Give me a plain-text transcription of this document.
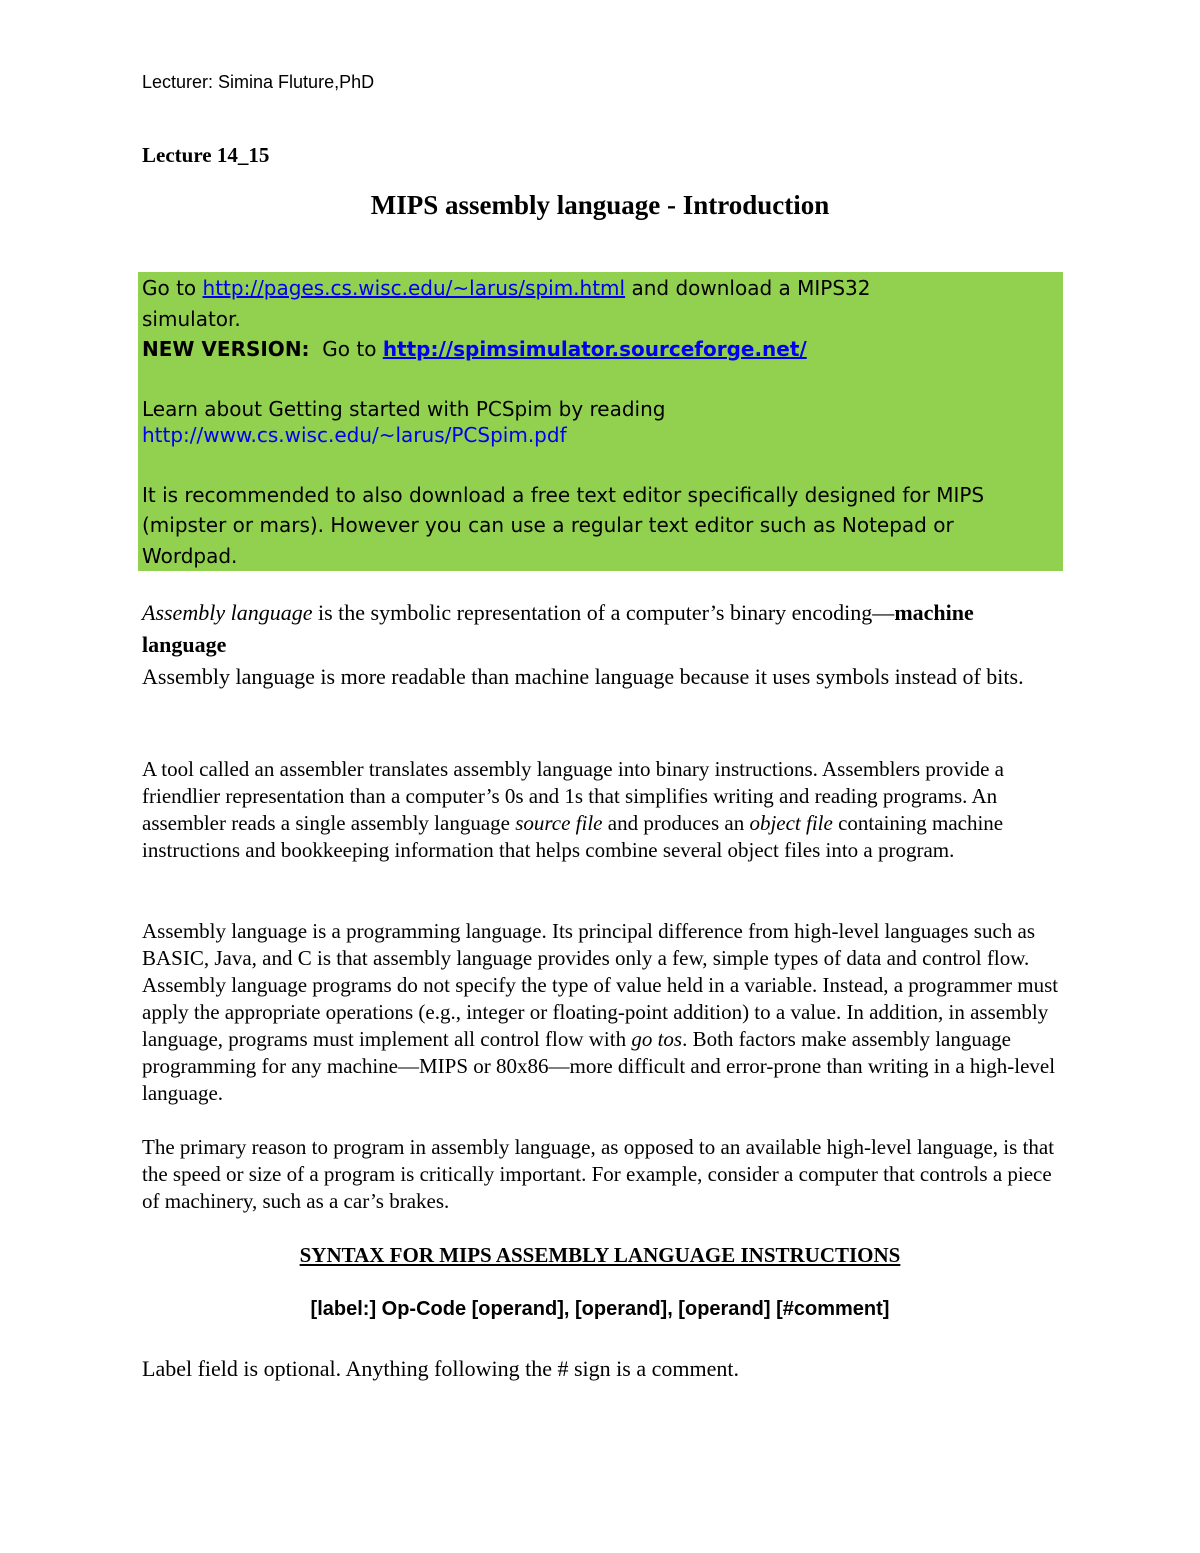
Lecturer: Simina Fluture,PhD
Lecture 14_15
MIPS assembly language - Introduction
Go to http://pages.cs.wisc.edu/~larus/spim.html and download a MIPS32
simulator.
NEW VERSION:  Go to http://spimsimulator.sourceforge.net/
Learn about Getting started with PCSpim by reading
http://www.cs.wisc.edu/~larus/PCSpim.pdf
It is recommended to also download a free text editor specifically designed for MIPS
(mipster or mars). However you can use a regular text editor such as Notepad or
Wordpad.
Assembly language is the symbolic representation of a computer’s binary encoding—machine language
Assembly language is more readable than machine language because it uses symbols instead of bits.
A tool called an assembler translates assembly language into binary instructions. Assemblers provide a friendlier representation than a computer’s 0s and 1s that simplifies writing and reading programs. An assembler reads a single assembly language source file and produces an object file containing machine instructions and bookkeeping information that helps combine several object files into a program.
Assembly language is a programming language. Its principal difference from high-level languages such as BASIC, Java, and C is that assembly language provides only a few, simple types of data and control flow. Assembly language programs do not specify the type of value held in a variable. Instead, a programmer must apply the appropriate operations (e.g., integer or floating-point addition) to a value. In addition, in assembly language, programs must implement all control flow with go tos. Both factors make assembly language programming for any machine—MIPS or 80x86—more difficult and error-prone than writing in a high-level language.
The primary reason to program in assembly language, as opposed to an available high-level language, is that the speed or size of a program is critically important. For example, consider a computer that controls a piece of machinery, such as a car’s brakes.
SYNTAX FOR MIPS ASSEMBLY LANGUAGE INSTRUCTIONS
[label:] Op-Code [operand], [operand], [operand] [#comment]
Label field is optional. Anything following the # sign is a comment.
